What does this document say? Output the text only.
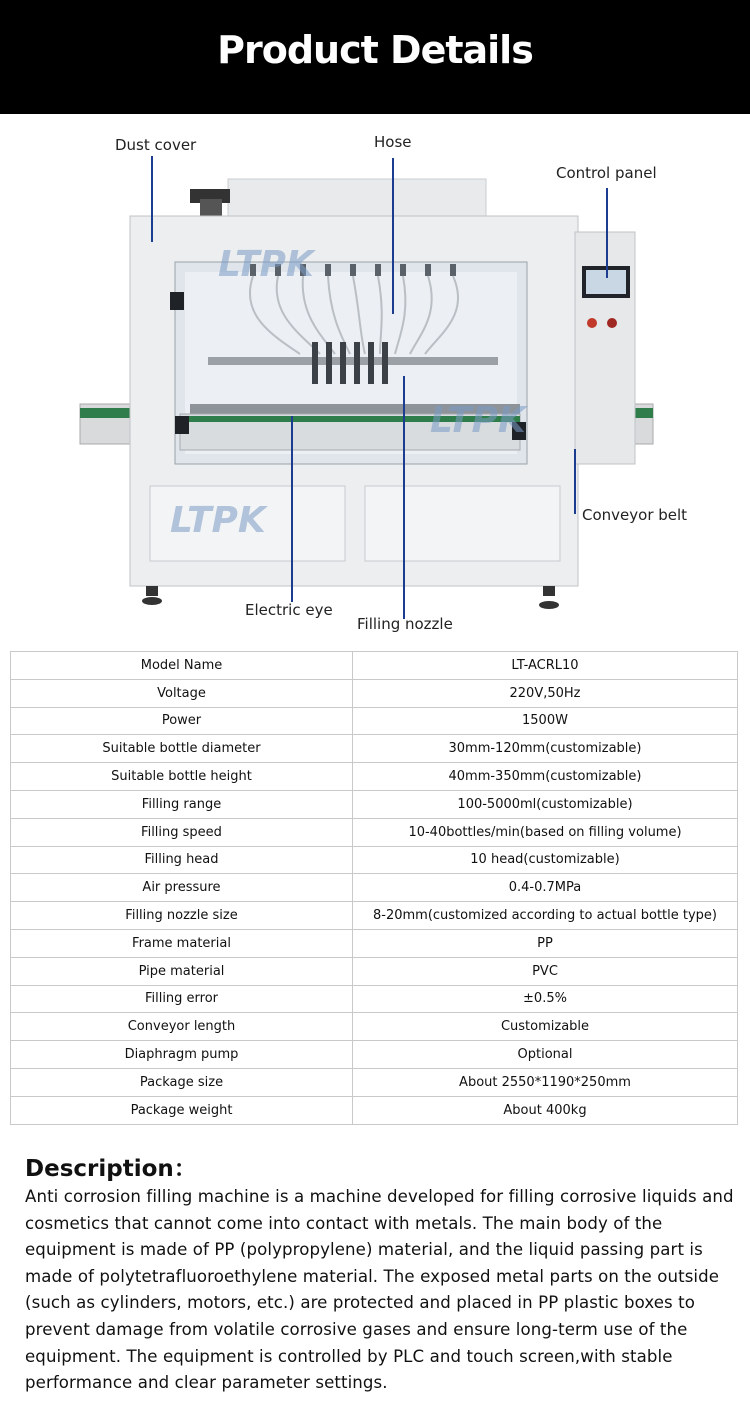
Product Details
LTPK
LTPK
LTPK
Dust cover	Hose
Control panel
Conveyor belt
Electric eye
Filling nozzle
Model Name	LT-ACRL10
Voltage	220V,50Hz
Power	1500W
Suitable bottle diameter	30mm-120mm(customizable)
Suitable bottle height	40mm-350mm(customizable)
Filling range	100-5000ml(customizable)
Filling speed	10-40bottles/min(based on filling volume)
Filling head	10 head(customizable)
Air pressure	0.4-0.7MPa
Filling nozzle size	8-20mm(customized according to actual bottle type)
Frame material	PP
Pipe material	PVC
Filling error	±0.5%
Conveyor length	Customizable
Diaphragm pump	Optional
Package size	About 2550*1190*250mm
Package weight	About 400kg
Description：
Anti corrosion filling machine is a machine developed for filling corrosive liquids and cosmetics that cannot come into contact with metals. The main body of the equipment is made of PP (polypropylene) material, and the liquid passing part is made of polytetrafluoroethylene material. The exposed metal parts on the outside (such as cylinders, motors, etc.) are protected and placed in PP plastic boxes to prevent damage from volatile corrosive gases and ensure long-term use of the equipment. The equipment is controlled by PLC and touch screen,with stable performance and clear parameter settings.
